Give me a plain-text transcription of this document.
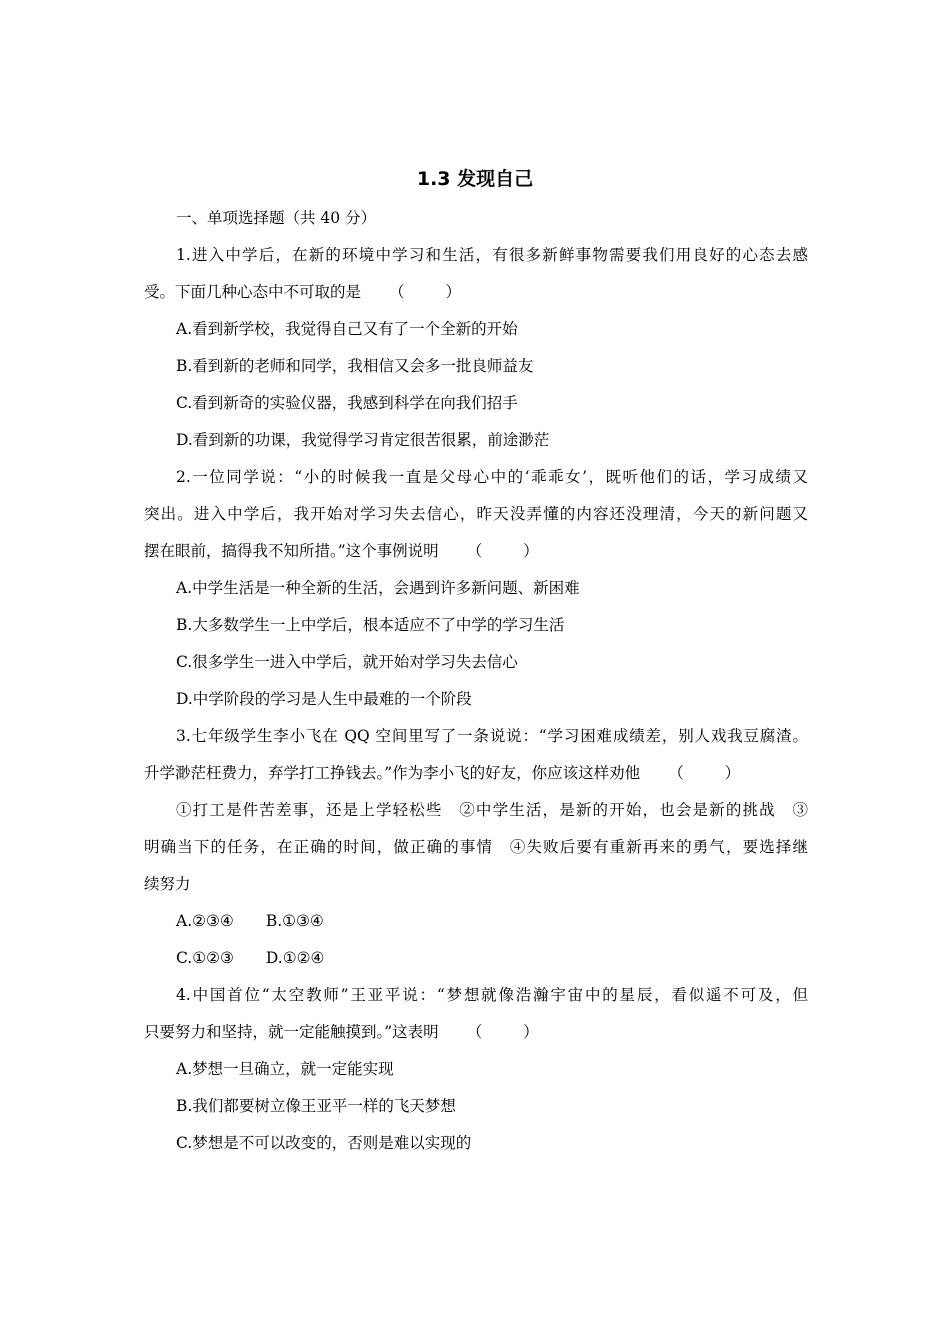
1.3 发现自己
一、单项选择题（共 40 分）
1.进入中学后，在新的环境中学习和生活，有很多新鲜事物需要我们用良好的心态去感
受。下面几种心态中不可取的是 （ ）
A.看到新学校，我觉得自己又有了一个全新的开始
B.看到新的老师和同学，我相信又会多一批良师益友
C.看到新奇的实验仪器，我感到科学在向我们招手
D.看到新的功课，我觉得学习肯定很苦很累，前途渺茫
2.一位同学说：“小的时候我一直是父母心中的‘乖乖女’，既听他们的话，学习成绩又
突出。进入中学后，我开始对学习失去信心，昨天没弄懂的内容还没理清，今天的新问题又
摆在眼前，搞得我不知所措。”这个事例说明 （ ）
A.中学生活是一种全新的生活，会遇到许多新问题、新困难
B.大多数学生一上中学后，根本适应不了中学的学习生活
C.很多学生一进入中学后，就开始对学习失去信心
D.中学阶段的学习是人生中最难的一个阶段
3.七年级学生李小飞在 QQ 空间里写了一条说说：“学习困难成绩差，别人戏我豆腐渣。
升学渺茫枉费力，弃学打工挣钱去。”作为李小飞的好友，你应该这样劝他 （ ）
①打工是件苦差事，还是上学轻松些　②中学生活，是新的开始，也会是新的挑战　③
明确当下的任务，在正确的时间，做正确的事情　④失败后要有重新再来的勇气，要选择继
续努力
A.②③④ B.①③④
C.①②③ D.①②④
4.中国首位“太空教师”王亚平说：“梦想就像浩瀚宇宙中的星辰，看似遥不可及，但
只要努力和坚持，就一定能触摸到。”这表明 （ ）
A.梦想一旦确立，就一定能实现
B.我们都要树立像王亚平一样的飞天梦想
C.梦想是不可以改变的，否则是难以实现的
